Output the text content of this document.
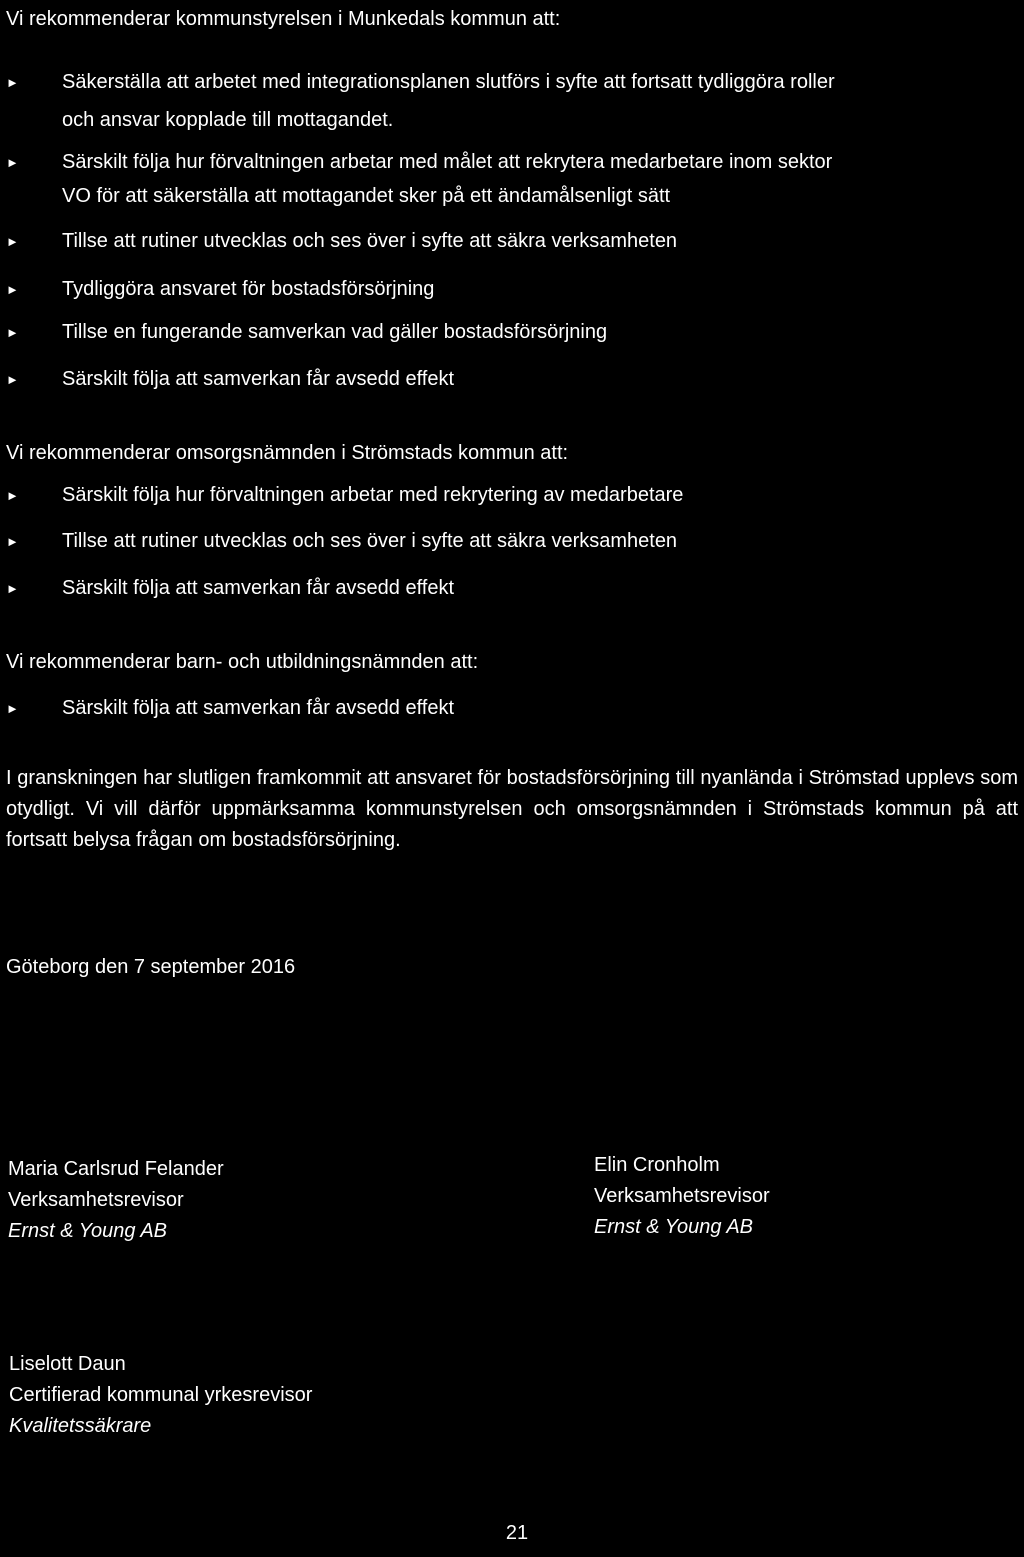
Vi rekommenderar kommunstyrelsen i Munkedals kommun att:
► Säkerställa att arbetet med integrationsplanen slutförs i syfte att fortsatt tydliggöra roller
och ansvar kopplade till mottagandet.
► Särskilt följa hur förvaltningen arbetar med målet att rekrytera medarbetare inom sektor
VO för att säkerställa att mottagandet sker på ett ändamålsenligt sätt
► Tillse att rutiner utvecklas och ses över i syfte att säkra verksamheten
► Tydliggöra ansvaret för bostadsförsörjning
► Tillse en fungerande samverkan vad gäller bostadsförsörjning
► Särskilt följa att samverkan får avsedd effekt
Vi rekommenderar omsorgsnämnden i Strömstads kommun att:
► Särskilt följa hur förvaltningen arbetar med rekrytering av medarbetare
► Tillse att rutiner utvecklas och ses över i syfte att säkra verksamheten
► Särskilt följa att samverkan får avsedd effekt
Vi rekommenderar barn- och utbildningsnämnden att:
► Särskilt följa att samverkan får avsedd effekt
I granskningen har slutligen framkommit att ansvaret för bostadsförsörjning till nyanlända i Strömstad upplevs som otydligt. Vi vill därför uppmärksamma kommunstyrelsen och omsorgsnämnden i Strömstads kommun på att fortsatt belysa frågan om bostadsförsörjning.
Göteborg den 7 september 2016
Maria Carlsrud Felander
Verksamhetsrevisor
Ernst & Young AB
Elin Cronholm
Verksamhetsrevisor
Ernst & Young AB
Liselott Daun
Certifierad kommunal yrkesrevisor
Kvalitetssäkrare
21
